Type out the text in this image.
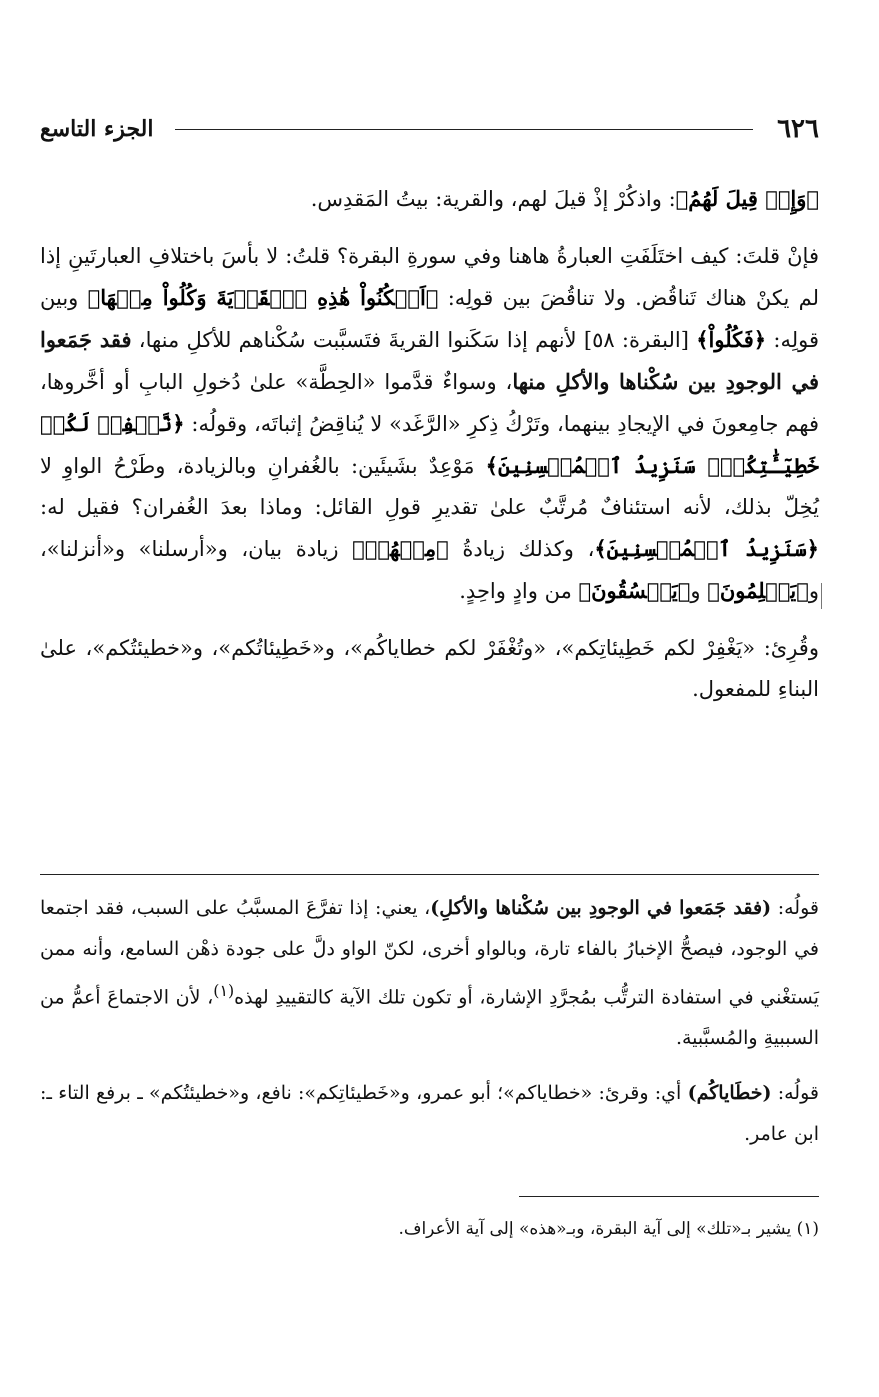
٦٢٦
الجزء التاسع

﴿وَإِذۡ قِيلَ لَهُمُ﴾: واذكُرْ إذْ قيلَ لهم، والقرية: بيتُ المَقدِس.

فإنْ قلتَ: كيف اختَلَفَتِ العبارةُ هاهنا وفي سورةِ البقرة؟ قلتُ: لا بأسَ باختلافِ العبارتَينِ إذا لم يكنْ هناك تَناقُض. ولا تناقُضَ بين قولِه: ﴿اَسۡكُنُواْ هَٰذِهِ ٱلۡقَرۡيَةَ وَكُلُواْ مِنۡهَا﴾ وبين قولِه: ﴿فَكُلُواْ﴾ [البقرة: ٥٨] لأنهم إذا سَكَنوا القريةَ فتَسبَّبت سُكْناهم للأكلِ منها، فقد جَمَعوا في الوجودِ بين سُكْناها والأكلِ منها، وسواءٌ قدَّموا «الحِطَّة» علىٰ دُخولِ البابِ أو أخَّروها، فهم جامِعونَ في الإيجادِ بينهما، وتَرْكُ ذِكرِ «الرَّغَد» لا يُناقِضُ إثباتَه، وقولُه: ﴿نَّغۡفِرۡ لَكُمۡ خَطِيٓـَٰٔتِكُمۡۚ سَنَزِيدُ ٱلۡمُحۡسِنِينَ﴾ مَوْعِدٌ بشَيئَين: بالغُفرانِ وبالزيادة، وطَرْحُ الواوِ لا يُخِلّ بذلك، لأنه استئنافٌ مُرتَّبٌ علىٰ تقديرِ قولِ القائل: وماذا بعدَ الغُفران؟ فقيل له: ﴿سَنَزِيدُ ٱلۡمُحۡسِنِينَ﴾، وكذلك زيادةُ ﴿مِنۡهُمۡ﴾ زيادة بيان، و«أرسلنا» و«أنزلنا»، و﴿يَظۡلِمُونَ﴾ و﴿يَفۡسُقُونَ﴾ من وادٍ واحِدٍ.

وقُرِئ: «يَغْفِرْ لكم خَطِيئاتِكم»، «وتُغْفَرْ لكم خطاياكُم»، و«خَطِيئاتُكم»، و«خطيئتُكم»، علىٰ البناءِ للمفعول.

قولُه: (فقد جَمَعوا في الوجودِ بين سُكْناها والأكلِ)، يعني: إذا تفرَّعَ المسبَّبُ على السبب، فقد اجتمعا في الوجود، فيصحُّ الإخبارُ بالفاء تارة، وبالواو أخرى، لكنّ الواو دلَّ على جودة ذهْن السامع، وأنه ممن يَستغْني في استفادة الترتُّب بمُجرَّدِ الإشارة، أو تكون تلك الآية كالتقييدِ لهذه$^{(١)}$، لأن الاجتماعَ أعمُّ من السببيةِ والمُسبَّبية.

قولُه: (خطَاياكُم) أي: وقرئ: «خطاياكم»؛ أبو عمرو، و«خَطيئاتِكم»: نافع، و«خطيئتُكم» ـ برفع التاء ـ: ابن عامر.

(١) يشير بـ«تلك» إلى آية البقرة، وبـ«هذه» إلى آية الأعراف.
